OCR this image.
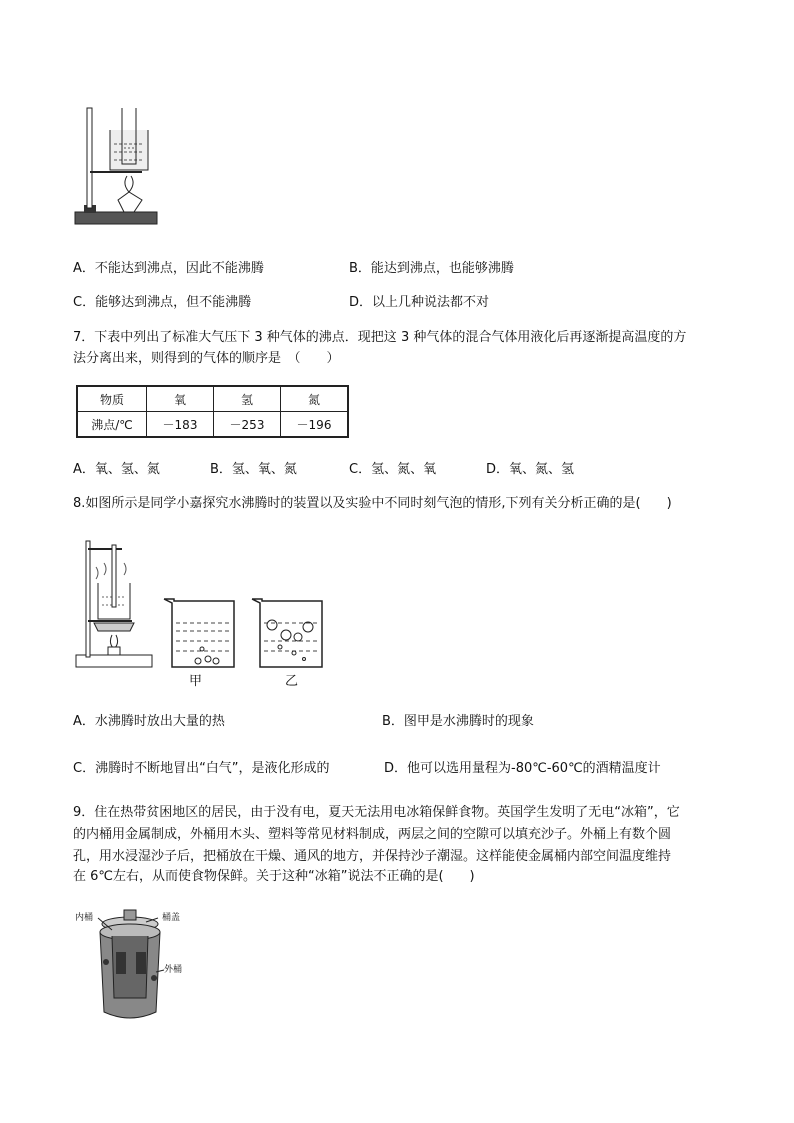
A．不能达到沸点，因此不能沸腾	B．能达到沸点，也能够沸腾
C．能够达到沸点，但不能沸腾	D．以上几种说法都不对
7．下表中列出了标准大气压下 3 种气体的沸点．现把这 3 种气体的混合气体用液化后再逐渐提高温度的方
法分离出来，则得到的气体的顺序是　（　　）
物质	氧	氢	氮
沸点/℃	－183	－253	－196
A．氧、氢、氮	B．氢、氧、氮	C．氢、氮、氧	D．氧、氮、氢
8.如图所示是同学小嘉探究水沸腾时的装置以及实验中不同时刻气泡的情形,下列有关分析正确的是(　　)
甲	乙
A．水沸腾时放出大量的热	B．图甲是水沸腾时的现象
C．沸腾时不断地冒出“白气”，是液化形成的	D．他可以选用量程为-80℃-60℃的酒精温度计
9．住在热带贫困地区的居民，由于没有电，夏天无法用电冰箱保鲜食物。英国学生发明了无电“冰箱”，它
的内桶用金属制成，外桶用木头、塑料等常见材料制成，两层之间的空隙可以填充沙子。外桶上有数个圆
孔，用水浸湿沙子后，把桶放在干燥、通风的地方，并保持沙子潮湿。这样能使金属桶内部空间温度维持
在 6℃左右，从而使食物保鲜。关于这种“冰箱”说法不正确的是(　　)
内桶	桶盖
外桶
